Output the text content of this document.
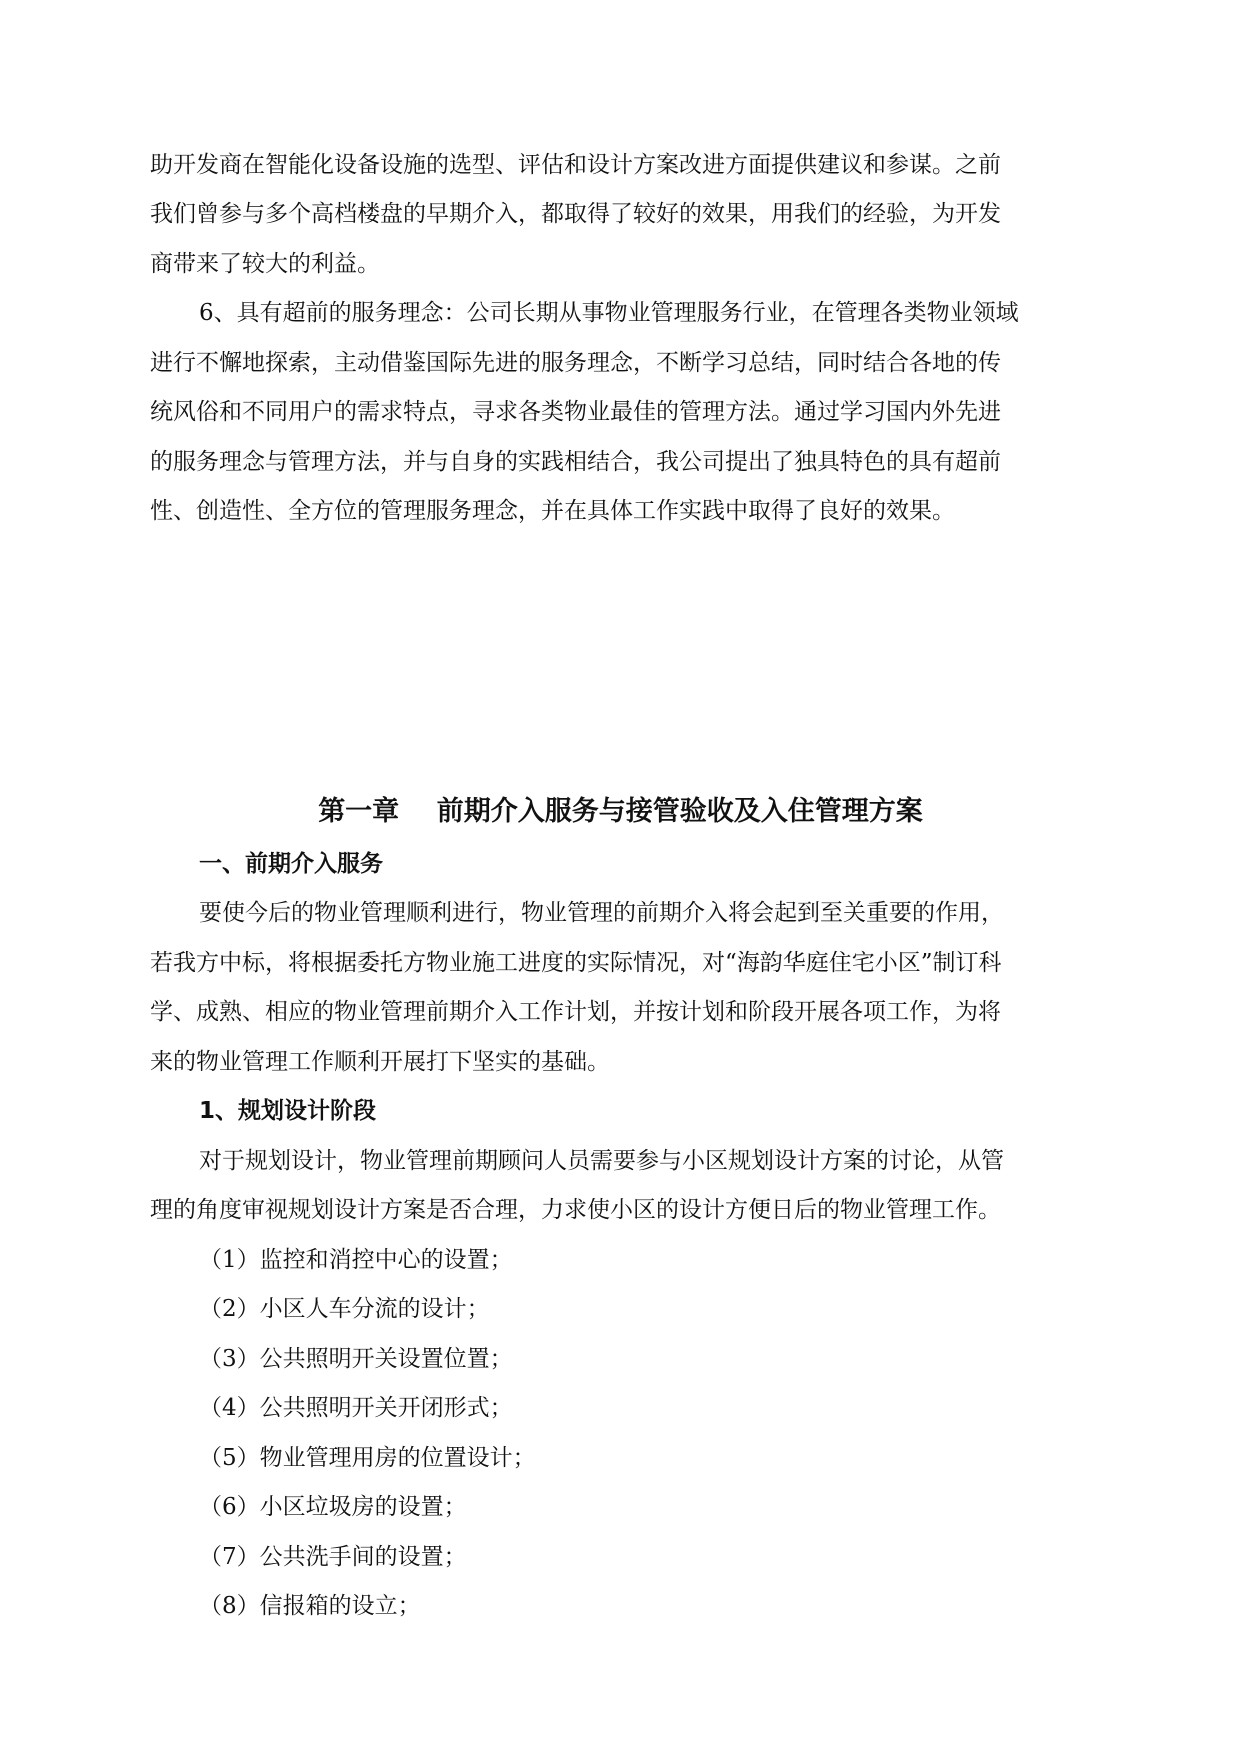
助开发商在智能化设备设施的选型、评估和设计方案改进方面提供建议和参谋。之前

我们曾参与多个高档楼盘的早期介入，都取得了较好的效果，用我们的经验，为开发

商带来了较大的利益。

6、具有超前的服务理念：公司长期从事物业管理服务行业，在管理各类物业领域

进行不懈地探索，主动借鉴国际先进的服务理念，不断学习总结，同时结合各地的传

统风俗和不同用户的需求特点，寻求各类物业最佳的管理方法。通过学习国内外先进

的服务理念与管理方法，并与自身的实践相结合，我公司提出了独具特色的具有超前

性、创造性、全方位的管理服务理念，并在具体工作实践中取得了良好的效果。

第一章    前期介入服务与接管验收及入住管理方案
一、前期介入服务

要使今后的物业管理顺利进行，物业管理的前期介入将会起到至关重要的作用，

若我方中标，将根据委托方物业施工进度的实际情况，对“海韵华庭住宅小区”制订科

学、成熟、相应的物业管理前期介入工作计划，并按计划和阶段开展各项工作，为将

来的物业管理工作顺利开展打下坚实的基础。

1、规划设计阶段

对于规划设计，物业管理前期顾问人员需要参与小区规划设计方案的讨论，从管

理的角度审视规划设计方案是否合理，力求使小区的设计方便日后的物业管理工作。

（1）监控和消控中心的设置；

（2）小区人车分流的设计；

（3）公共照明开关设置位置；

（4）公共照明开关开闭形式；

（5）物业管理用房的位置设计；

（6）小区垃圾房的设置；

（7）公共洗手间的设置；

（8）信报箱的设立；
